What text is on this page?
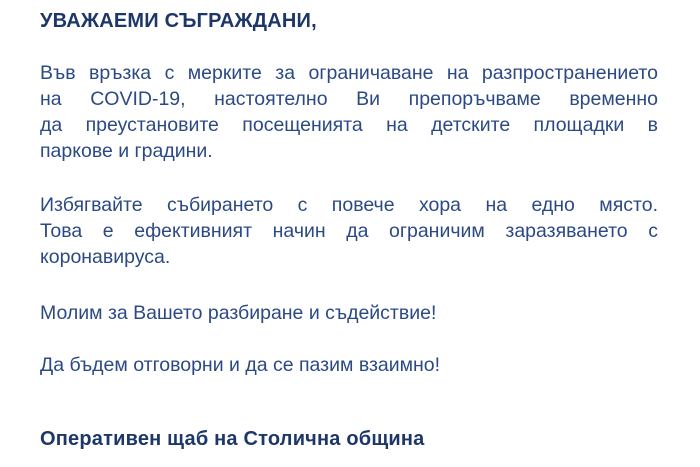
УВАЖАЕМИ СЪГРАЖДАНИ,
Във връзка с мерките за ограничаване на разпространението
на COVID-19, настоятелно Ви препоръчваме временно
да преустановите посещенията на детските площадки в
паркове и градини.
Избягвайте събирането с повече хора на едно място.
Това е ефективният начин да ограничим заразяването с
коронавируса.
Молим за Вашето разбиране и съдействие!
Да бъдем отговорни и да се пазим взаимно!
Оперативен щаб на Столична община
